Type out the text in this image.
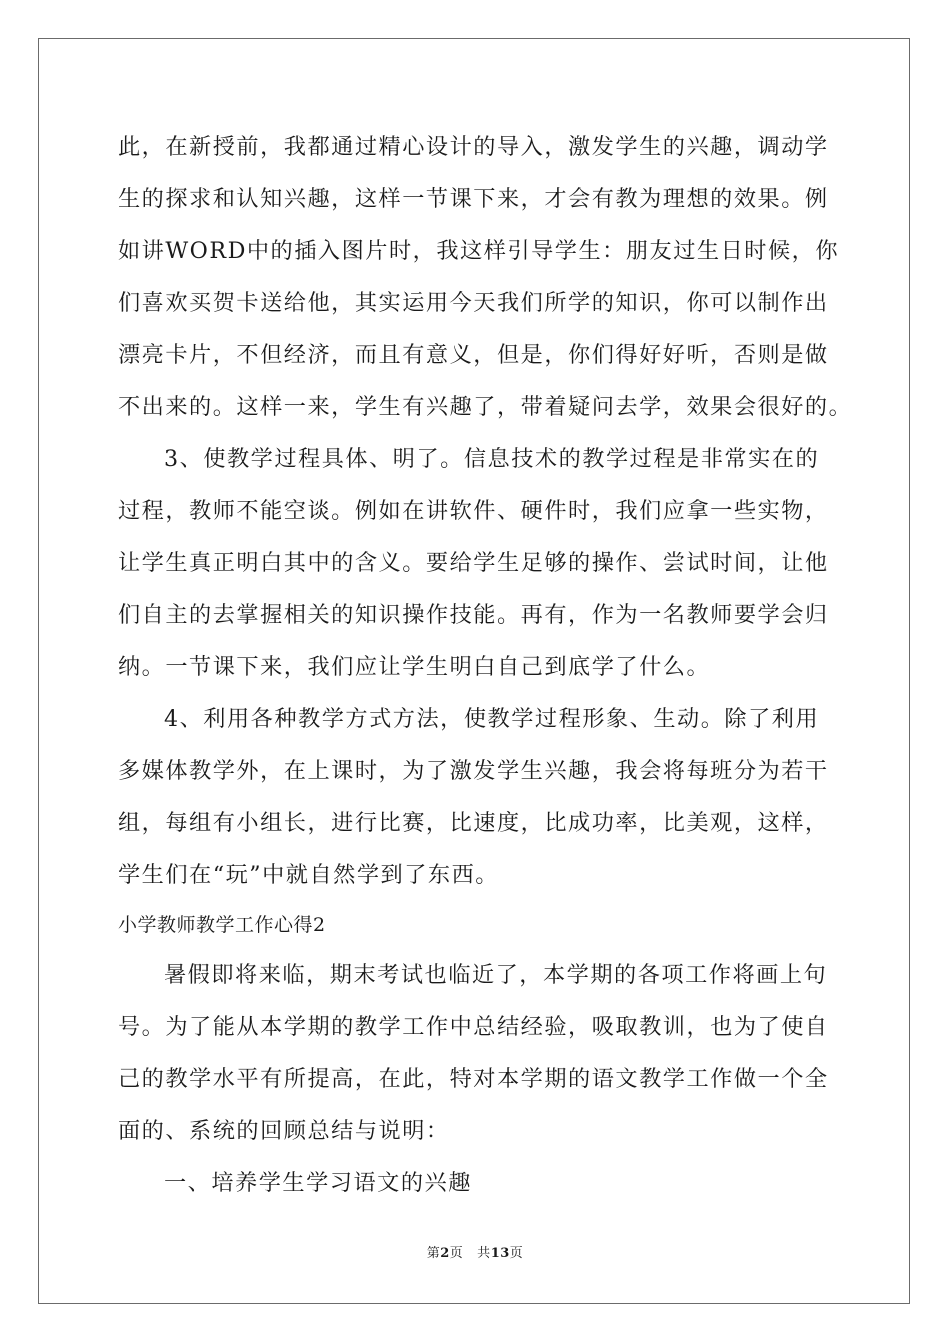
此，在新授前，我都通过精心设计的导入，激发学生的兴趣，调动学
生的探求和认知兴趣，这样一节课下来，才会有教为理想的效果。例
如讲WORD中的插入图片时，我这样引导学生：朋友过生日时候，你
们喜欢买贺卡送给他，其实运用今天我们所学的知识，你可以制作出
漂亮卡片，不但经济，而且有意义，但是，你们得好好听，否则是做
不出来的。这样一来，学生有兴趣了，带着疑问去学，效果会很好的。
3、使教学过程具体、明了。信息技术的教学过程是非常实在的
过程，教师不能空谈。例如在讲软件、硬件时，我们应拿一些实物，
让学生真正明白其中的含义。要给学生足够的操作、尝试时间，让他
们自主的去掌握相关的知识操作技能。再有，作为一名教师要学会归
纳。一节课下来，我们应让学生明白自己到底学了什么。
4、利用各种教学方式方法，使教学过程形象、生动。除了利用
多媒体教学外，在上课时，为了激发学生兴趣，我会将每班分为若干
组，每组有小组长，进行比赛，比速度，比成功率，比美观，这样，
学生们在“玩”中就自然学到了东西。
小学教师教学工作心得2
暑假即将来临，期末考试也临近了，本学期的各项工作将画上句
号。为了能从本学期的教学工作中总结经验，吸取教训，也为了使自
己的教学水平有所提高，在此，特对本学期的语文教学工作做一个全
面的、系统的回顾总结与说明：
一、培养学生学习语文的兴趣
第2页 共13页
